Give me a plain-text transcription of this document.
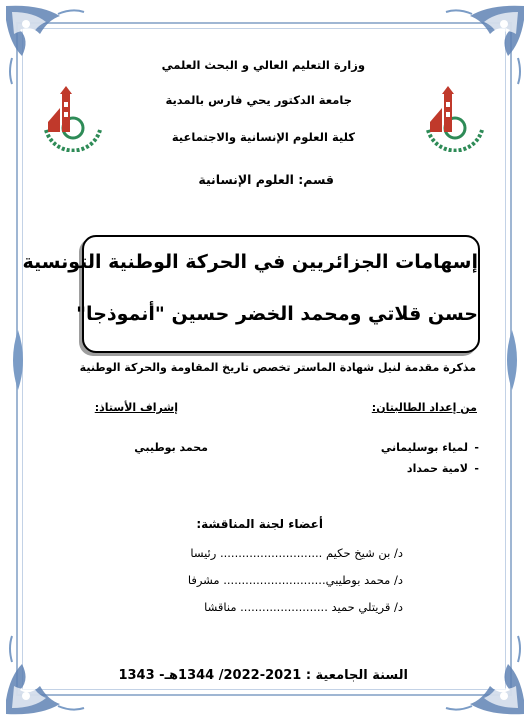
وزارة التعليم العالي و البحث العلمي
جامعة الدكتور يحي فارس بالمدية
كلية العلوم الإنسانية والاجتماعية
قسم: العلوم الإنسانية
إسهامات الجزائريين في الحركة الوطنية التونسية
حسن قلاتي ومحمد الخضر حسين "أنموذجا"
مذكرة مقدمة لنيل شهادة الماستر تخصص تاريخ المقاومة والحركة الوطنية
من إعداد الطالبتان:
إشراف الأستاذ:
-
لمياء بوسليماني
-
لامية حمداد
محمد بوطيبي
أعضاء لجنة المناقشة:
د/ بن شيخ حكيم ............................ رئيسا
د/ محمد بوطيبي............................ مشرفا
د/ قريتلي حميد ........................ مناقشا
السنة الجامعية : 2021-2022/ 1344هـ- 1343
